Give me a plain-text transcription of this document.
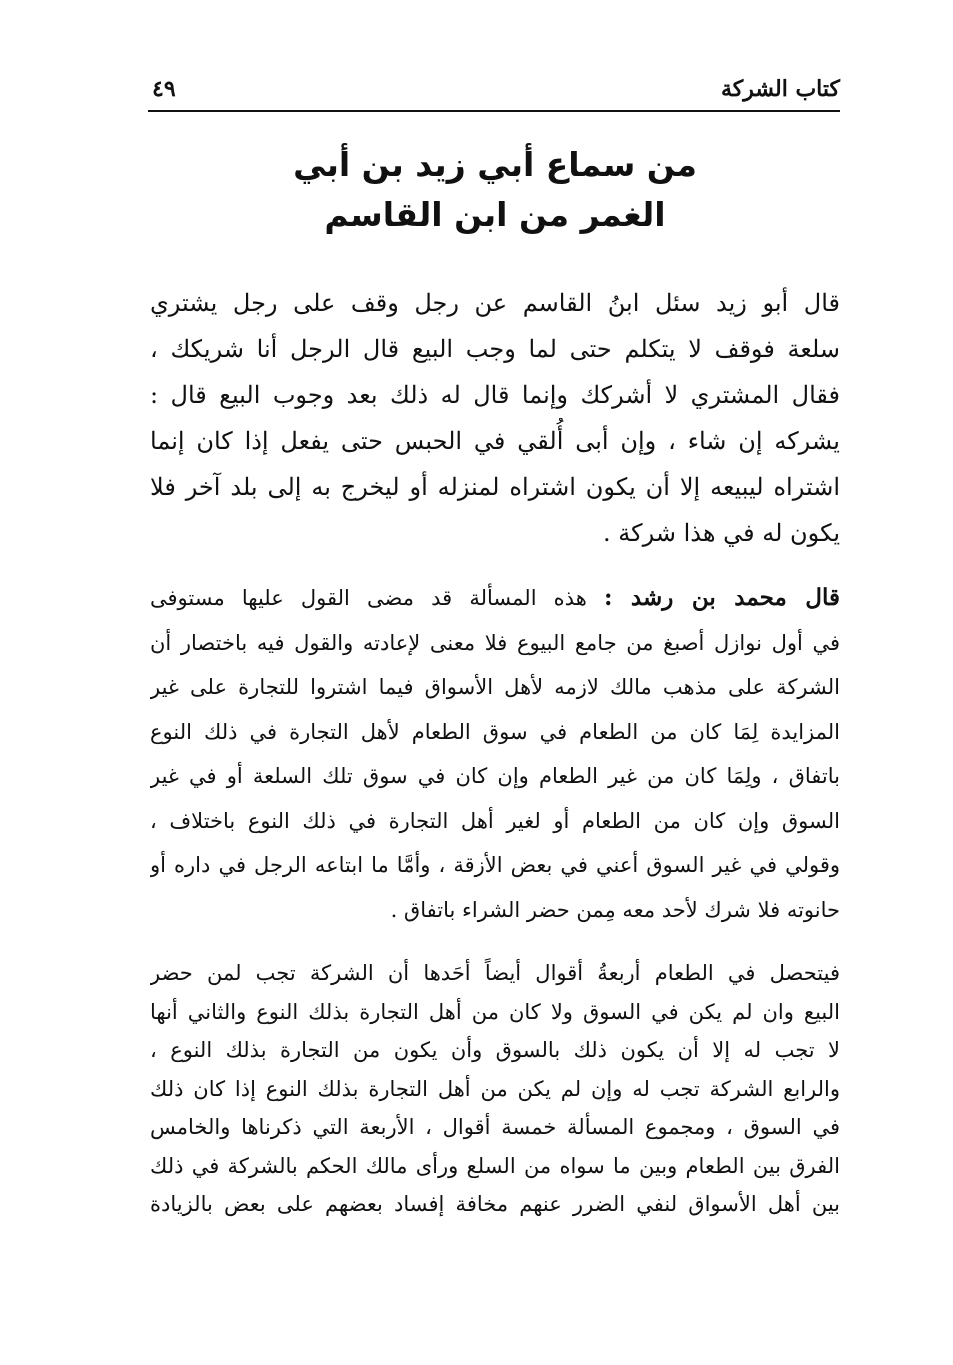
كتاب الشركة
٤٩
من سماع أبي زيد بن أبي
الغمر من ابن القاسم

قال أبو زيد سئل ابنُ القاسم عن رجل وقف على رجل يشتري
سلعة فوقف لا يتكلم حتى لما وجب البيع قال الرجل أنا شريكك ،
فقال المشتري لا أشركك وإنما قال له ذلك بعد وجوب البيع قال :
يشركه إن شاء ، وإن أبى أُلقي في الحبس حتى يفعل إذا كان إنما
اشتراه ليبيعه إلا أن يكون اشتراه لمنزله أو ليخرج به إلى بلد آخر فلا
يكون له في هذا شركة .

قال محمد بن رشد : هذه المسألة قد مضى القول عليها مستوفى
في أول نوازل أصبغ من جامع البيوع فلا معنى لإعادته والقول فيه باختصار أن
الشركة على مذهب مالك لازمه لأهل الأسواق فيما اشتروا للتجارة على غير
المزايدة لِمَا كان من الطعام في سوق الطعام لأهل التجارة في ذلك النوع
باتفاق ، ولِمَا كان من غير الطعام وإن كان في سوق تلك السلعة أو في غير
السوق وإن كان من الطعام أو لغير أهل التجارة في ذلك النوع باختلاف ،
وقولي في غير السوق أعني في بعض الأزقة ، وأمَّا ما ابتاعه الرجل في داره أو
حانوته فلا شرك لأحد معه مِمن حضر الشراء باتفاق .

فيتحصل في الطعام أربعةُ أقوال أيضاً أحَدها أن الشركة تجب لمن حضر
البيع وان لم يكن في السوق ولا كان من أهل التجارة بذلك النوع والثاني أنها
لا تجب له إلا أن يكون ذلك بالسوق وأن يكون من التجارة بذلك النوع ،
والرابع الشركة تجب له وإن لم يكن من أهل التجارة بذلك النوع إذا كان ذلك
في السوق ، ومجموع المسألة خمسة أقوال ، الأربعة التي ذكرناها والخامس
الفرق بين الطعام وبين ما سواه من السلع ورأى مالك الحكم بالشركة في ذلك
بين أهل الأسواق لنفي الضرر عنهم مخافة إفساد بعضهم على بعض بالزيادة
